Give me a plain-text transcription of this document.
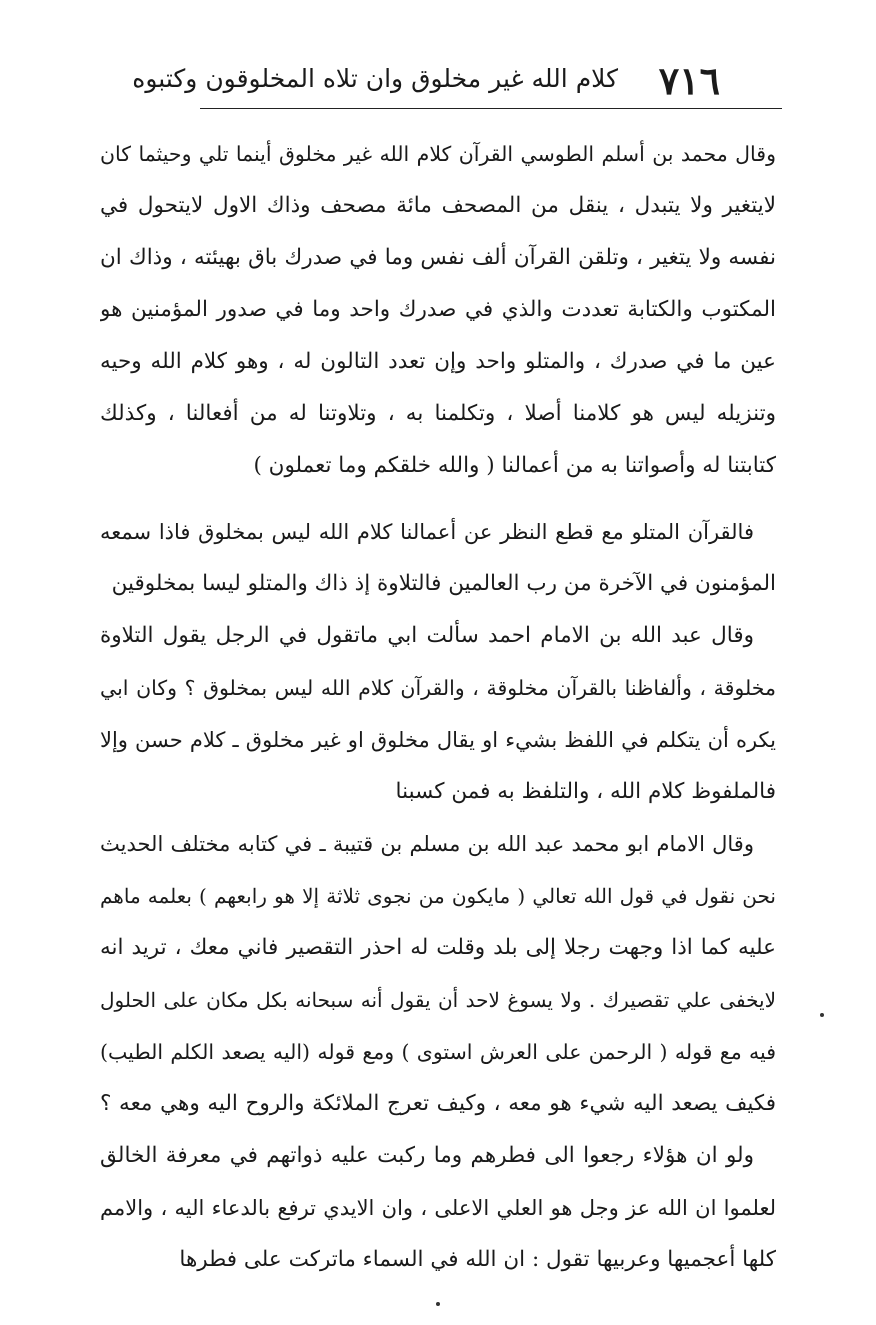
٧١٦
كلام الله غير مخلوق وان تلاه المخلوقون وكتبوه
وقال محمد بن أسلم الطوسي القرآن كلام الله غير مخلوق أينما تلي وحيثما كان
لايتغير ولا يتبدل ، ينقل من المصحف مائة مصحف وذاك الاول لايتحول في
نفسه ولا يتغير ، وتلقن القرآن ألف نفس وما في صدرك باق بهيئته ، وذاك ان
المكتوب والكتابة تعددت والذي في صدرك واحد وما في صدور المؤمنين هو
عين ما في صدرك ، والمتلو واحد وإن تعدد التالون له ، وهو كلام الله وحيه
وتنزيله ليس هو كلامنا أصلا ، وتكلمنا به ، وتلاوتنا له من أفعالنا ، وكذلك
كتابتنا له وأصواتنا به من أعمالنا ( والله خلقكم وما تعملون )
فالقرآن المتلو مع قطع النظر عن أعمالنا كلام الله ليس بمخلوق فاذا سمعه
المؤمنون في الآخرة من رب العالمين فالتلاوة إذ ذاك والمتلو ليسا بمخلوقين
وقال عبد الله بن الامام احمد سألت ابي ماتقول في الرجل يقول التلاوة
مخلوقة ، وألفاظنا بالقرآن مخلوقة ، والقرآن كلام الله ليس بمخلوق ؟ وكان ابي
يكره أن يتكلم في اللفظ بشيء او يقال مخلوق او غير مخلوق ـ كلام حسن وإلا
فالملفوظ كلام الله ، والتلفظ به فمن كسبنا
وقال الامام ابو محمد عبد الله بن مسلم بن قتيبة ـ في كتابه مختلف الحديث
نحن نقول في قول الله تعالي ( مايكون من نجوى ثلاثة إلا هو رابعهم ) بعلمه ماهم
عليه كما اذا وجهت رجلا إلى بلد وقلت له احذر التقصير فاني معك ، تريد انه
لايخفى علي تقصيرك . ولا يسوغ لاحد أن يقول أنه سبحانه بكل مكان على الحلول
فيه مع قوله ( الرحمن على العرش استوى ) ومع قوله (اليه يصعد الكلم الطيب)
فكيف يصعد اليه شيء هو معه ، وكيف تعرج الملائكة والروح اليه وهي معه ؟
ولو ان هؤلاء رجعوا الى فطرهم وما ركبت عليه ذواتهم في معرفة الخالق
لعلموا ان الله عز وجل هو العلي الاعلى ، وان الايدي ترفع بالدعاء اليه ، والامم
كلها أعجميها وعربيها تقول : ان الله في السماء ماتركت على فطرها
